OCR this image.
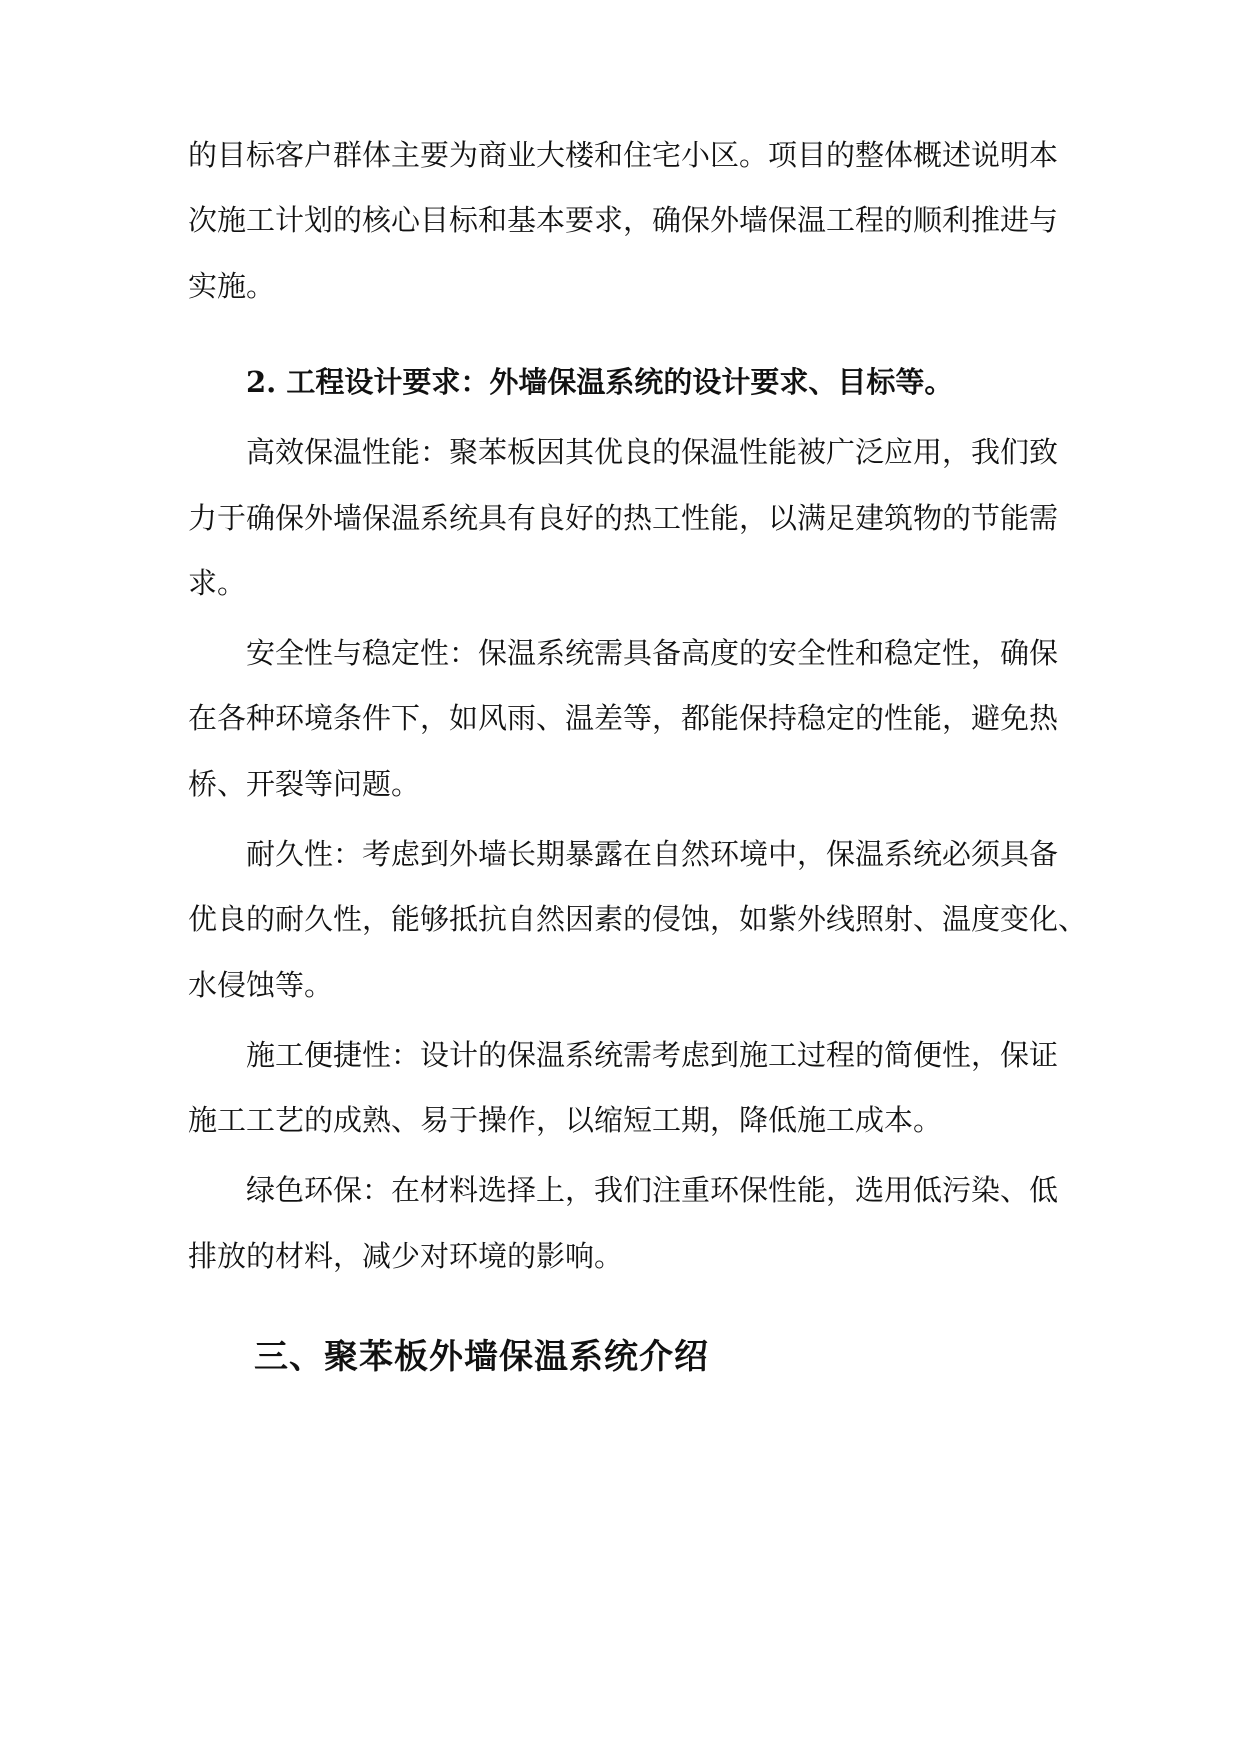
的目标客户群体主要为商业大楼和住宅小区。项目的整体概述说明本
次施工计划的核心目标和基本要求，确保外墙保温工程的顺利推进与
实施。
2. 工程设计要求：外墙保温系统的设计要求、目标等。
高效保温性能：聚苯板因其优良的保温性能被广泛应用，我们致
力于确保外墙保温系统具有良好的热工性能，以满足建筑物的节能需
求。
安全性与稳定性：保温系统需具备高度的安全性和稳定性，确保
在各种环境条件下，如风雨、温差等，都能保持稳定的性能，避免热
桥、开裂等问题。
耐久性：考虑到外墙长期暴露在自然环境中，保温系统必须具备
优良的耐久性，能够抵抗自然因素的侵蚀，如紫外线照射、温度变化、
水侵蚀等。
施工便捷性：设计的保温系统需考虑到施工过程的简便性，保证
施工工艺的成熟、易于操作，以缩短工期，降低施工成本。
绿色环保：在材料选择上，我们注重环保性能，选用低污染、低
排放的材料，减少对环境的影响。
三、聚苯板外墙保温系统介绍
